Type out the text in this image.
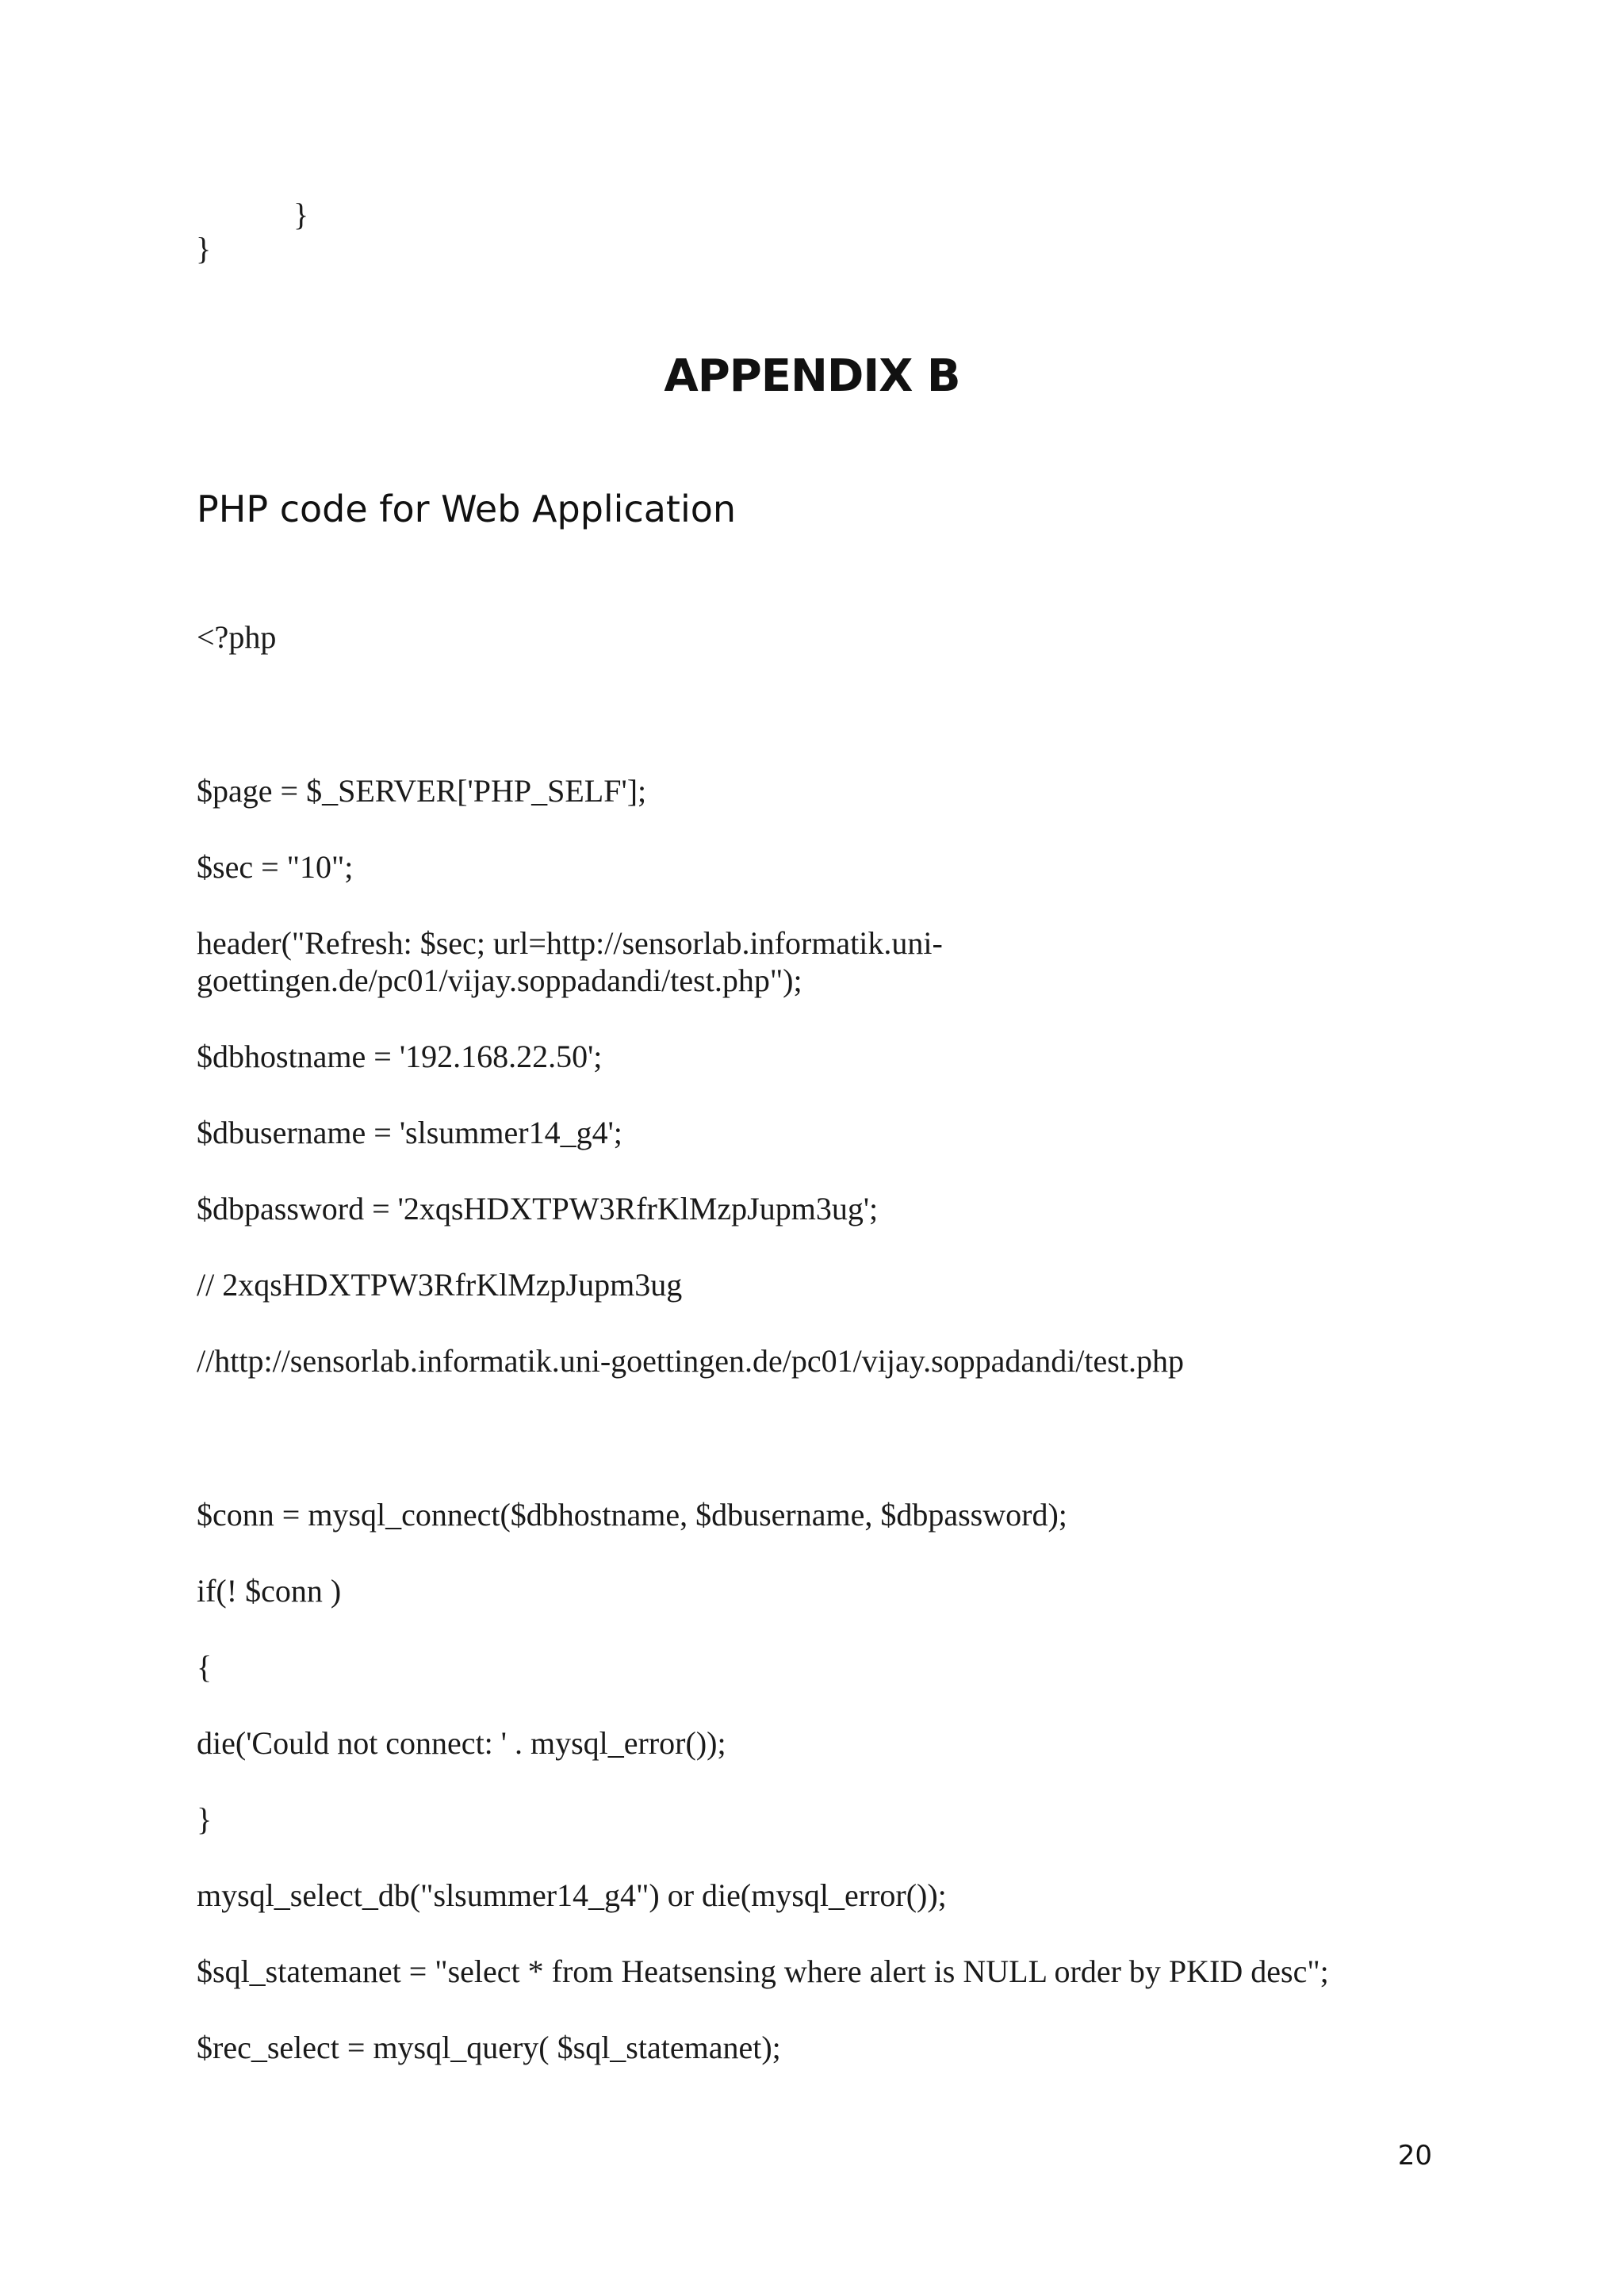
}
}
APPENDIX B
PHP code for Web Application
<?php
$page = $_SERVER['PHP_SELF'];
$sec = "10";
header("Refresh: $sec; url=http://sensorlab.informatik.uni-
goettingen.de/pc01/vijay.soppadandi/test.php");
$dbhostname = '192.168.22.50';
$dbusername = 'slsummer14_g4';
$dbpassword = '2xqsHDXTPW3RfrKlMzpJupm3ug';
// 2xqsHDXTPW3RfrKlMzpJupm3ug
//http://sensorlab.informatik.uni-goettingen.de/pc01/vijay.soppadandi/test.php
$conn = mysql_connect($dbhostname, $dbusername, $dbpassword);
if(! $conn )
{
die('Could not connect: ' . mysql_error());
}
mysql_select_db("slsummer14_g4") or die(mysql_error());
$sql_statemanet = "select * from Heatsensing where alert is NULL order by PKID desc";
$rec_select = mysql_query( $sql_statemanet);
20
